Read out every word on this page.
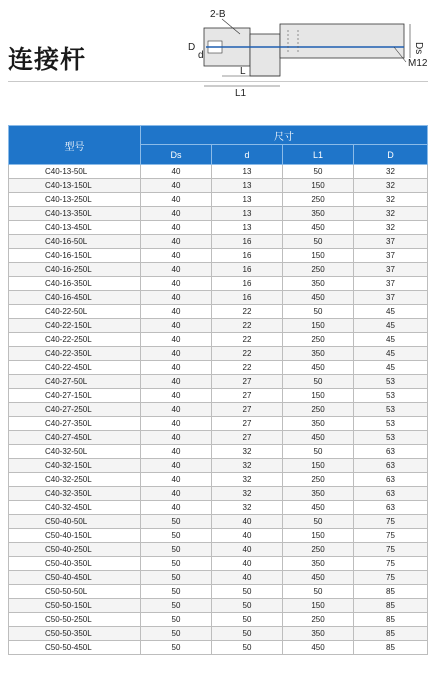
连接杆
2-B
D
d
L
L1
Ds
M12
型号	尺寸			
	Ds	d	L1	D
C40-13-50L	40	13	50	32
C40-13-150L	40	13	150	32
C40-13-250L	40	13	250	32
C40-13-350L	40	13	350	32
C40-13-450L	40	13	450	32
C40-16-50L	40	16	50	37
C40-16-150L	40	16	150	37
C40-16-250L	40	16	250	37
C40-16-350L	40	16	350	37
C40-16-450L	40	16	450	37
C40-22-50L	40	22	50	45
C40-22-150L	40	22	150	45
C40-22-250L	40	22	250	45
C40-22-350L	40	22	350	45
C40-22-450L	40	22	450	45
C40-27-50L	40	27	50	53
C40-27-150L	40	27	150	53
C40-27-250L	40	27	250	53
C40-27-350L	40	27	350	53
C40-27-450L	40	27	450	53
C40-32-50L	40	32	50	63
C40-32-150L	40	32	150	63
C40-32-250L	40	32	250	63
C40-32-350L	40	32	350	63
C40-32-450L	40	32	450	63
C50-40-50L	50	40	50	75
C50-40-150L	50	40	150	75
C50-40-250L	50	40	250	75
C50-40-350L	50	40	350	75
C50-40-450L	50	40	450	75
C50-50-50L	50	50	50	85
C50-50-150L	50	50	150	85
C50-50-250L	50	50	250	85
C50-50-350L	50	50	350	85
C50-50-450L	50	50	450	85
